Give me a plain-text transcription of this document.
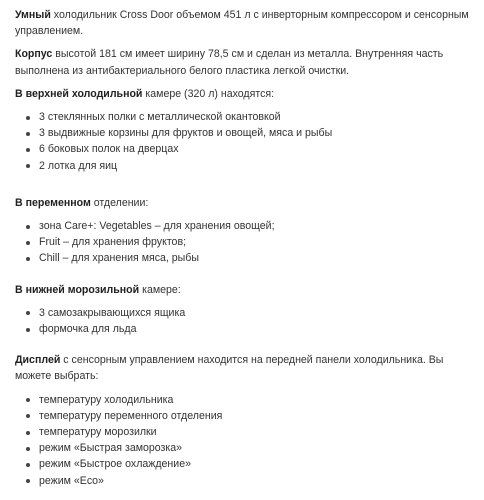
Умный холодильник Cross Door объемом 451 л с инверторным компрессором и сенсорным управлением.

Корпус высотой 181 см имеет ширину 78,5 см и сделан из металла. Внутренняя часть выполнена из антибактериального белого пластика легкой очистки.

В верхней холодильной камере (320 л) находятся:

3 стеклянных полки с металлической окантовкой
3 выдвижные корзины для фруктов и овощей, мяса и рыбы
6 боковых полок на дверцах
2 лотка для яиц

В переменном отделении:

зона Care+: Vegetables – для хранения овощей;
Fruit – для хранения фруктов;
Chill – для хранения мяса, рыбы

В нижней морозильной камере:

3 самозакрывающихся ящика
формочка для льда

Дисплей с сенсорным управлением находится на передней панели холодильника. Вы можете выбрать:

температуру холодильника
температуру переменного отделения
температуру морозилки
режим «Быстрая заморозка»
режим «Быстрое охлаждение»
режим «Eco»
